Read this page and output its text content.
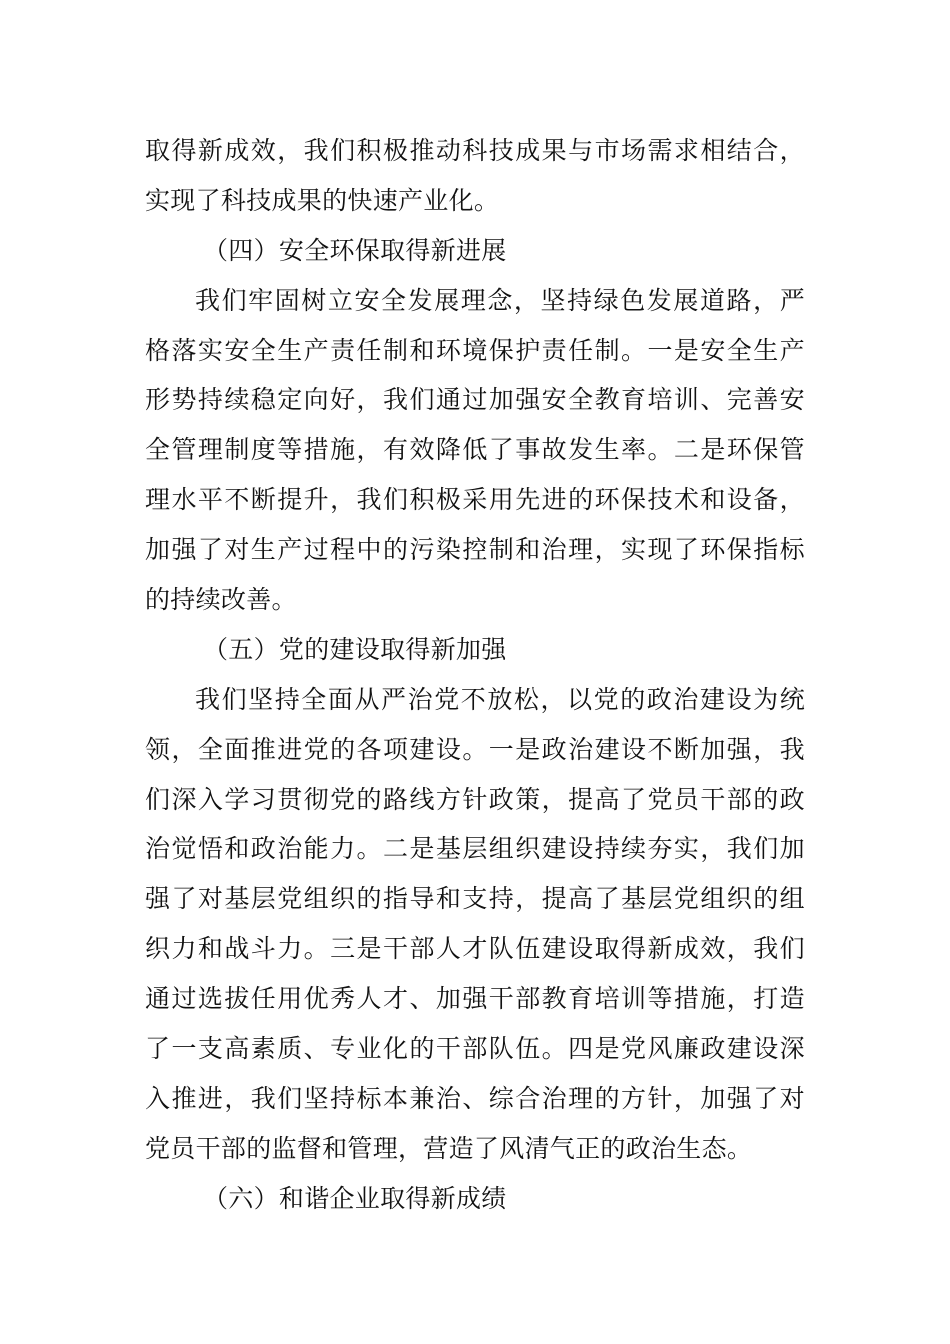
取得新成效，我们积极推动科技成果与市场需求相结合，
实现了科技成果的快速产业化。
（四）安全环保取得新进展
我们牢固树立安全发展理念，坚持绿色发展道路，严
格落实安全生产责任制和环境保护责任制。一是安全生产
形势持续稳定向好，我们通过加强安全教育培训、完善安
全管理制度等措施，有效降低了事故发生率。二是环保管
理水平不断提升，我们积极采用先进的环保技术和设备，
加强了对生产过程中的污染控制和治理，实现了环保指标
的持续改善。
（五）党的建设取得新加强
我们坚持全面从严治党不放松，以党的政治建设为统
领，全面推进党的各项建设。一是政治建设不断加强，我
们深入学习贯彻党的路线方针政策，提高了党员干部的政
治觉悟和政治能力。二是基层组织建设持续夯实，我们加
强了对基层党组织的指导和支持，提高了基层党组织的组
织力和战斗力。三是干部人才队伍建设取得新成效，我们
通过选拔任用优秀人才、加强干部教育培训等措施，打造
了一支高素质、专业化的干部队伍。四是党风廉政建设深
入推进，我们坚持标本兼治、综合治理的方针，加强了对
党员干部的监督和管理，营造了风清气正的政治生态。
（六）和谐企业取得新成绩
